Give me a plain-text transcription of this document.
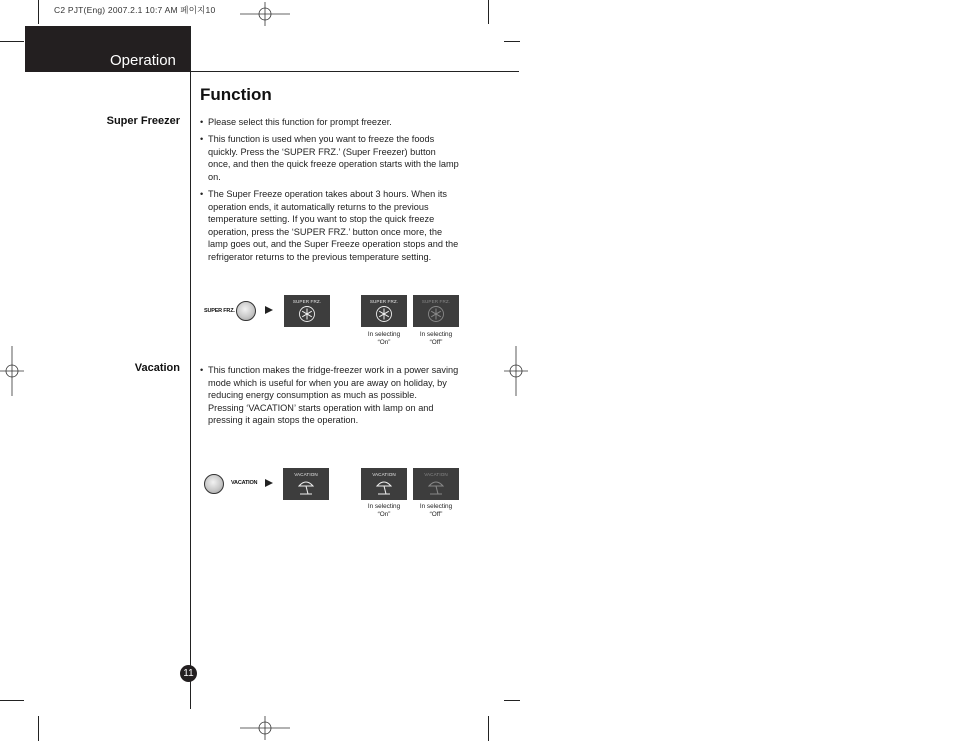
C2 PJT(Eng) 2007.2.1 10:7 AM 페이지10
Operation
Function
Super Freezer • Please select this function for prompt freezer.
• This function is used when you want to freeze the foods quickly. Press the ‘SUPER FRZ.’ (Super Freezer) button once, and then the quick freeze operation starts with the lamp on.
• The Super Freeze operation takes about 3 hours. When its operation ends, it automatically returns to the previous temperature setting. If you want to stop the quick freeze operation, press the ‘SUPER FRZ.’ button once more, the lamp goes out, and the Super Freeze operation stops and the refrigerator returns to the previous temperature setting.
SUPER FRZ.
SUPER FRZ.	SUPER FRZ.	SUPER FRZ.
In selecting
“On”
In selecting
“Off”
Vacation • This function makes the fridge-freezer work in a power saving mode which is useful for when you are away on holiday, by reducing energy consumption as much as possible.
Pressing ‘VACATION’ starts operation with lamp on and pressing it again stops the operation.
VACATION
VACATION	VACATION	VACATION
In selecting
“On”
In selecting
“Off”
11
